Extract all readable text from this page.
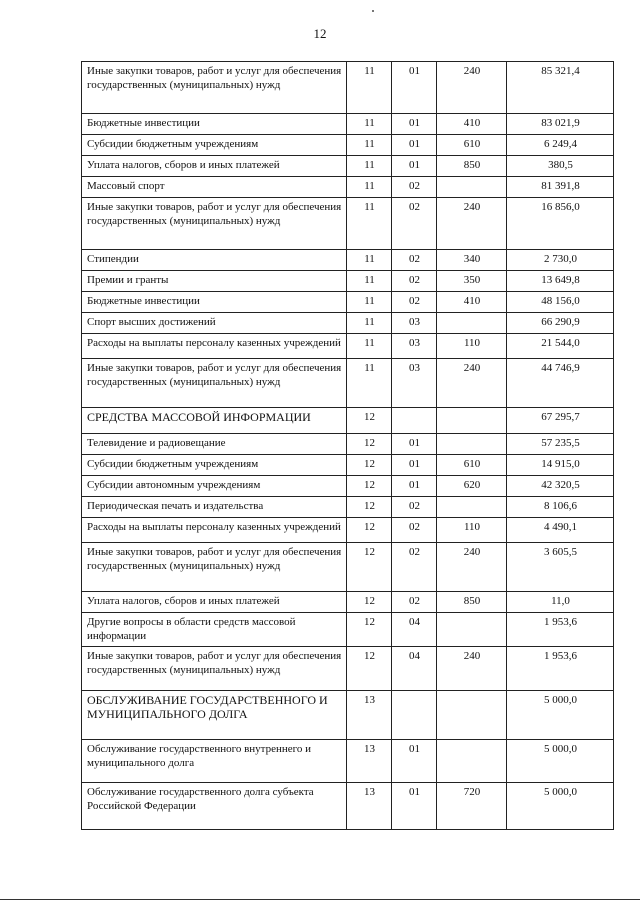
12
Иные закупки товаров, работ и услуг для обеспечения государственных (муниципальных) нужд	11	01	240	85 321,4
Бюджетные инвестиции	11	01	410	83 021,9
Субсидии бюджетным учреждениям	11	01	610	6 249,4
Уплата налогов, сборов и иных платежей	11	01	850	380,5
Массовый спорт	11	02		81 391,8
Иные закупки товаров, работ и услуг для обеспечения государственных (муниципальных) нужд	11	02	240	16 856,0
Стипендии	11	02	340	2 730,0
Премии и гранты	11	02	350	13 649,8
Бюджетные инвестиции	11	02	410	48 156,0
Спорт высших достижений	11	03		66 290,9
Расходы на выплаты персоналу казенных учреждений	11	03	110	21 544,0
Иные закупки товаров, работ и услуг для обеспечения государственных (муниципальных) нужд	11	03	240	44 746,9
СРЕДСТВА МАССОВОЙ ИНФОРМАЦИИ	12			67 295,7
Телевидение и радиовещание	12	01		57 235,5
Субсидии бюджетным учреждениям	12	01	610	14 915,0
Субсидии автономным учреждениям	12	01	620	42 320,5
Периодическая печать и издательства	12	02		8 106,6
Расходы на выплаты персоналу казенных учреждений	12	02	110	4 490,1
Иные закупки товаров, работ и услуг для обеспечения государственных (муниципальных) нужд	12	02	240	3 605,5
Уплата налогов, сборов и иных платежей	12	02	850	11,0
Другие вопросы в области средств массовой информации	12	04		1 953,6
Иные закупки товаров, работ и услуг для обеспечения государственных (муниципальных) нужд	12	04	240	1 953,6
ОБСЛУЖИВАНИЕ ГОСУДАРСТВЕННОГО И МУНИЦИПАЛЬНОГО ДОЛГА	13			5 000,0
Обслуживание государственного внутреннего и муниципального долга	13	01		5 000,0
Обслуживание государственного долга субъекта Российской Федерации	13	01	720	5 000,0
